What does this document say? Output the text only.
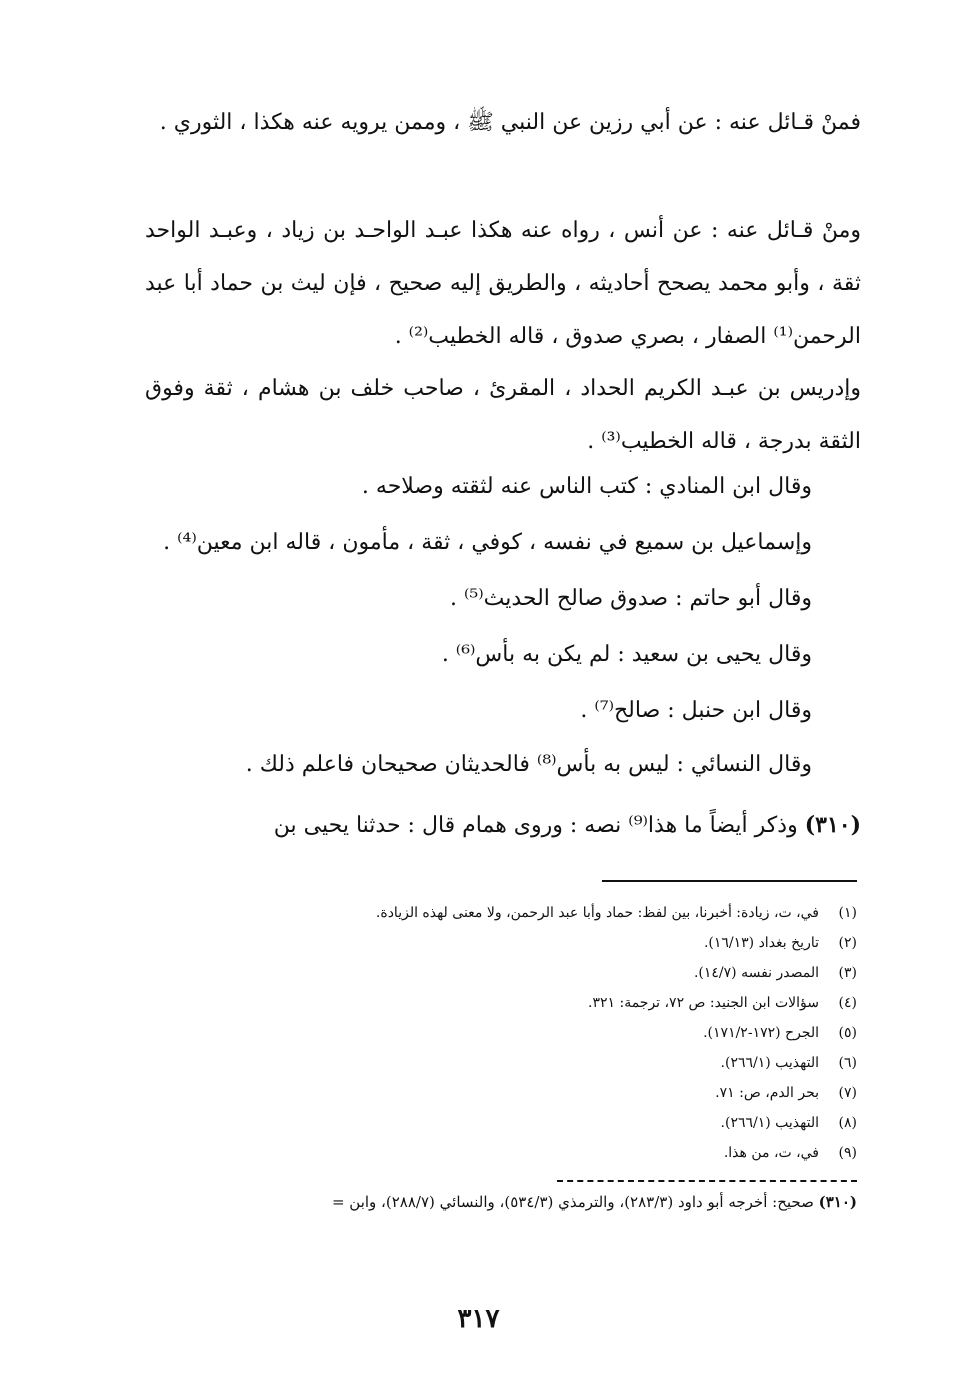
فمنْ قـائل عنه : عن أبي رزين عن النبي ﷺ ، وممن يرويه عنه هكذا ، الثوري .
ومنْ قـائل عنه : عن أنس ، رواه عنه هكذا عبـد الواحـد بن زياد ، وعبـد الواحد ثقة ، وأبو محمد يصحح أحاديثه ، والطريق إليه صحيح ، فإن ليث بن حماد أبا عبد الرحمن⁽¹⁾ الصفار ، بصري صدوق ، قاله الخطيب⁽²⁾ .
وإدريس بن عبـد الكريم الحداد ، المقرئ ، صاحب خلف بن هشام ، ثقة وفوق الثقة بدرجة ، قاله الخطيب⁽³⁾ .
وقال ابن المنادي : كتب الناس عنه لثقته وصلاحه .
وإسماعيل بن سميع في نفسه ، كوفي ، ثقة ، مأمون ، قاله ابن معين⁽⁴⁾ .
وقال أبو حاتم : صدوق صالح الحديث⁽⁵⁾ .
وقال يحيى بن سعيد : لم يكن به بأس⁽⁶⁾ .
وقال ابن حنبل : صالح⁽⁷⁾ .
وقال النسائي : ليس به بأس⁽⁸⁾ فالحديثان صحيحان فاعلم ذلك .
(٣١٠) وذكر أيضاً ما هذا⁽⁹⁾ نصه : وروى همام قال : حدثنا يحيى بن
(١)في، ت، زيادة: أخبرنا، بين لفظ: حماد وأبا عبد الرحمن، ولا معنى لهذه الزيادة.
(٢)تاريخ بغداد (١٦/١٣).
(٣)المصدر نفسه (١٤/٧).
(٤)سؤالات ابن الجنيد: ص ٧٢، ترجمة: ٣٢١.
(٥)الجرح (١٧٢-١٧١/٢).
(٦)التهذيب (٢٦٦/١).
(٧)بحر الدم، ص: ٧١.
(٨)التهذيب (٢٦٦/١).
(٩)في، ت، من هذا.
(٣١٠) صحيح: أخرجه أبو داود (٢٨٣/٣)، والترمذي (٥٣٤/٣)، والنسائي (٢٨٨/٧)، وابن =
٣١٧
